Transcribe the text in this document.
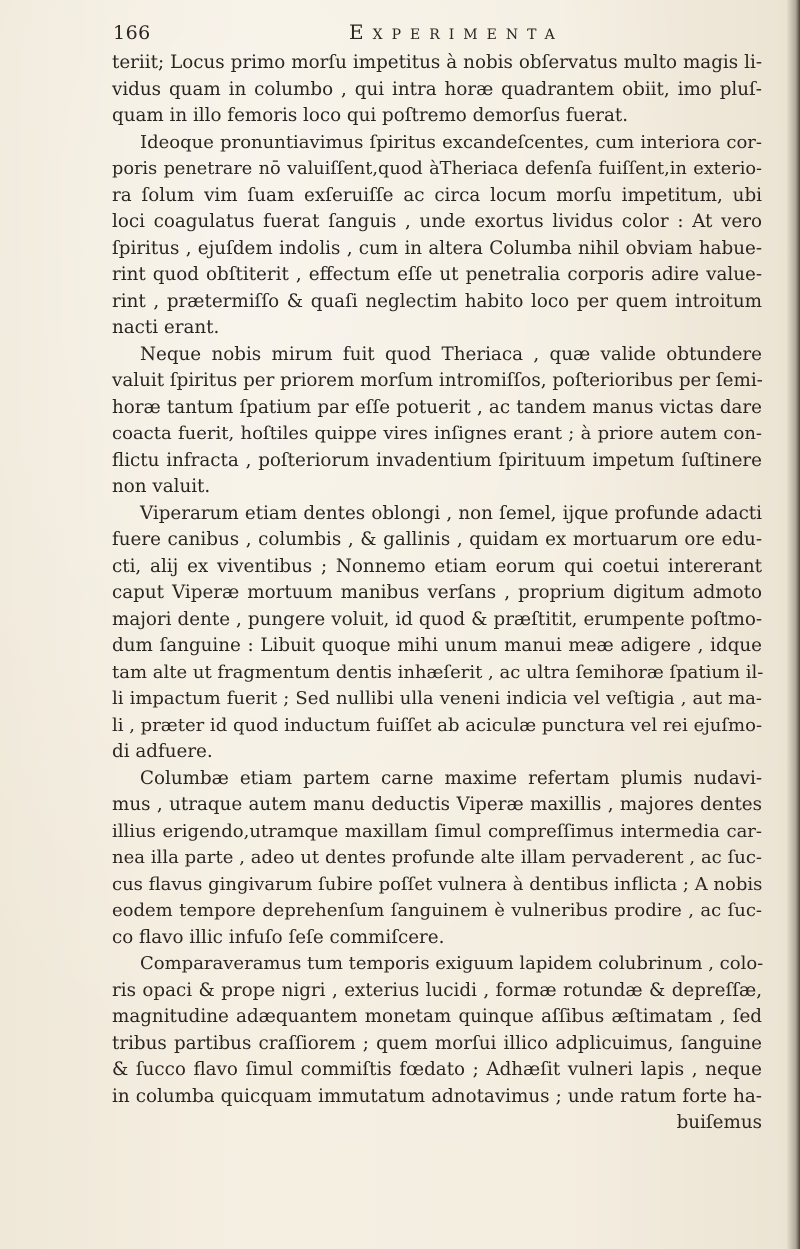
166	Experimenta
teriit; Locus primo morſu impetitus à nobis obſervatus multo magis li-
vidus quam in columbo , qui intra horæ quadrantem obiit, imo pluſ-
quam in illo femoris loco qui poſtremo demorſus fuerat.
Ideoque pronuntiavimus ſpiritus excandeſcentes, cum interiora cor-
poris penetrare nō valuiſſent,quod àTheriaca defenſa fuiſſent,in exterio-
ra ſolum vim ſuam exſeruiſſe ac circa locum morſu impetitum, ubi
loci coagulatus fuerat ſanguis , unde exortus lividus color : At vero
ſpiritus , ejuſdem indolis , cum in altera Columba nihil obviam habue-
rint quod obſtiterit , effectum eſſe ut penetralia corporis adire value-
rint , prætermiſſo & quaſi neglectim habito loco per quem introitum
nacti erant.
Neque nobis mirum fuit quod Theriaca , quæ valide obtundere
valuit ſpiritus per priorem morſum intromiſſos, poſterioribus per ſemi-
horæ tantum ſpatium par eſſe potuerit , ac tandem manus victas dare
coacta fuerit, hoſtiles quippe vires inſignes erant ; à priore autem con-
flictu infracta , poſteriorum invadentium ſpirituum impetum ſuſtinere
non valuit.
Viperarum etiam dentes oblongi , non ſemel, ijque profunde adacti
fuere canibus , columbis , & gallinis , quidam ex mortuarum ore edu-
cti, alij ex viventibus ; Nonnemo etiam eorum qui coetui intererant
caput Viperæ mortuum manibus verſans , proprium digitum admoto
majori dente , pungere voluit, id quod & præſtitit, erumpente poſtmo-
dum ſanguine : Libuit quoque mihi unum manui meæ adigere , idque
tam alte ut fragmentum dentis inhæſerit , ac ultra ſemihoræ ſpatium il-
li impactum fuerit ; Sed nullibi ulla veneni indicia vel veſtigia , aut ma-
li , præter id quod inductum fuiſſet ab aciculæ punctura vel rei ejuſmo-
di adfuere.
Columbæ etiam partem carne maxime refertam plumis nudavi-
mus , utraque autem manu deductis Viperæ maxillis , majores dentes
illius erigendo,utramque maxillam ſimul compreſſimus intermedia car-
nea illa parte , adeo ut dentes profunde alte illam pervaderent , ac ſuc-
cus flavus gingivarum ſubire poſſet vulnera à dentibus inflicta ; A nobis
eodem tempore deprehenſum ſanguinem è vulneribus prodire , ac ſuc-
co flavo illic infuſo ſeſe commiſcere.
Comparaveramus tum temporis exiguum lapidem colubrinum , colo-
ris opaci & prope nigri , exterius lucidi , formæ rotundæ & depreſſæ,
magnitudine adæquantem monetam quinque aſſibus æſtimatam , ſed
tribus partibus craſſiorem ; quem morſui illico adplicuimus, ſanguine
& ſucco flavo ſimul commiſtis fœdato ; Adhæſit vulneri lapis , neque
in columba quicquam immutatum adnotavimus ; unde ratum forte ha-
buiſemus
